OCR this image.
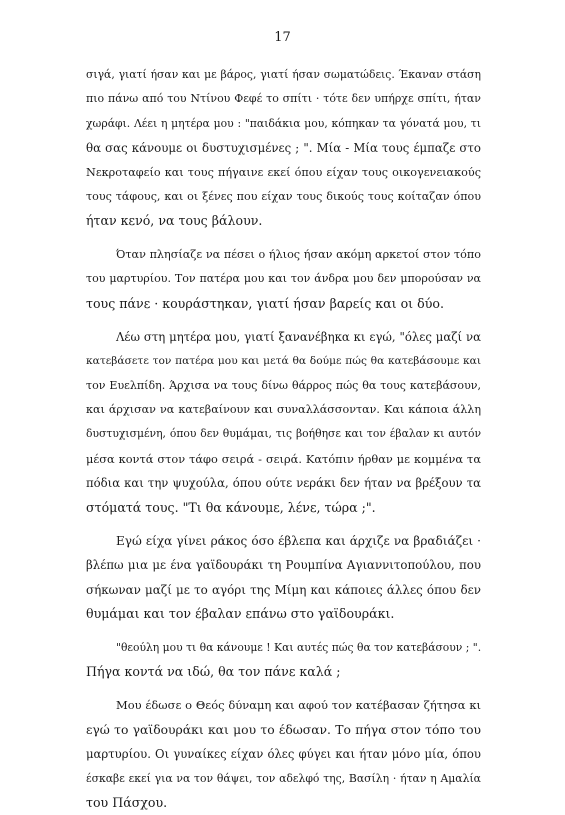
17
σιγά, γιατί ήσαν και με βάρος, γιατί ήσαν σωματώδεις. Έκαναν στάση
πιο πάνω από του Ντίνου Φεφέ το σπίτι · τότε δεν υπήρχε σπίτι, ήταν
χωράφι. Λέει η μητέρα μου : "παιδάκια μου, κόπηκαν τα γόνατά μου, τι
θα σας κάνουμε οι δυστυχισμένες ; ". Μία - Μία τους έμπαζε στο
Νεκροταφείο και τους πήγαινε εκεί όπου είχαν τους οικογενειακούς
τους τάφους, και οι ξένες που είχαν τους δικούς τους κοίταζαν όπου
ήταν κενό, να τους βάλουν.
Όταν πλησίαζε να πέσει ο ήλιος ήσαν ακόμη αρκετοί στον τόπο
του μαρτυρίου. Τον πατέρα μου και τον άνδρα μου δεν μπορούσαν να
τους πάνε · κουράστηκαν, γιατί ήσαν βαρείς και οι δύο.
Λέω στη μητέρα μου, γιατί ξανανέβηκα κι εγώ, "όλες μαζί να
κατεβάσετε τον πατέρα μου και μετά θα δούμε πώς θα κατεβάσουμε και
τον Ευελπίδη. Άρχισα να τους δίνω θάρρος πώς θα τους κατεβάσουν,
και άρχισαν να κατεβαίνουν και συναλλάσσονταν. Και κάποια άλλη
δυστυχισμένη, όπου δεν θυμάμαι, τις βοήθησε και τον έβαλαν κι αυτόν
μέσα κοντά στον τάφο σειρά - σειρά. Κατόπιν ήρθαν με κομμένα τα
πόδια και την ψυχούλα, όπου ούτε νεράκι δεν ήταν να βρέξουν τα
στόματά τους. "Τι θα κάνουμε, λένε, τώρα ;".
Εγώ είχα γίνει ράκος όσο έβλεπα και άρχιζε να βραδιάζει ·
βλέπω μια με ένα γαϊδουράκι τη Ρουμπίνα Αγιαννιτοπούλου, που
σήκωναν μαζί με το αγόρι της Μίμη και κάποιες άλλες όπου δεν
θυμάμαι και τον έβαλαν επάνω στο γαϊδουράκι.
"θεούλη μου τι θα κάνουμε ! Και αυτές πώς θα τον κατεβάσουν ; ".
Πήγα κοντά να ιδώ, θα τον πάνε καλά ;
Μου έδωσε ο Θεός δύναμη και αφού τον κατέβασαν ζήτησα κι
εγώ το γαϊδουράκι και μου το έδωσαν. Το πήγα στον τόπο του
μαρτυρίου. Οι γυναίκες είχαν όλες φύγει και ήταν μόνο μία, όπου
έσκαβε εκεί για να τον θάψει, τον αδελφό της, Βασίλη · ήταν η Αμαλία
του Πάσχου.
